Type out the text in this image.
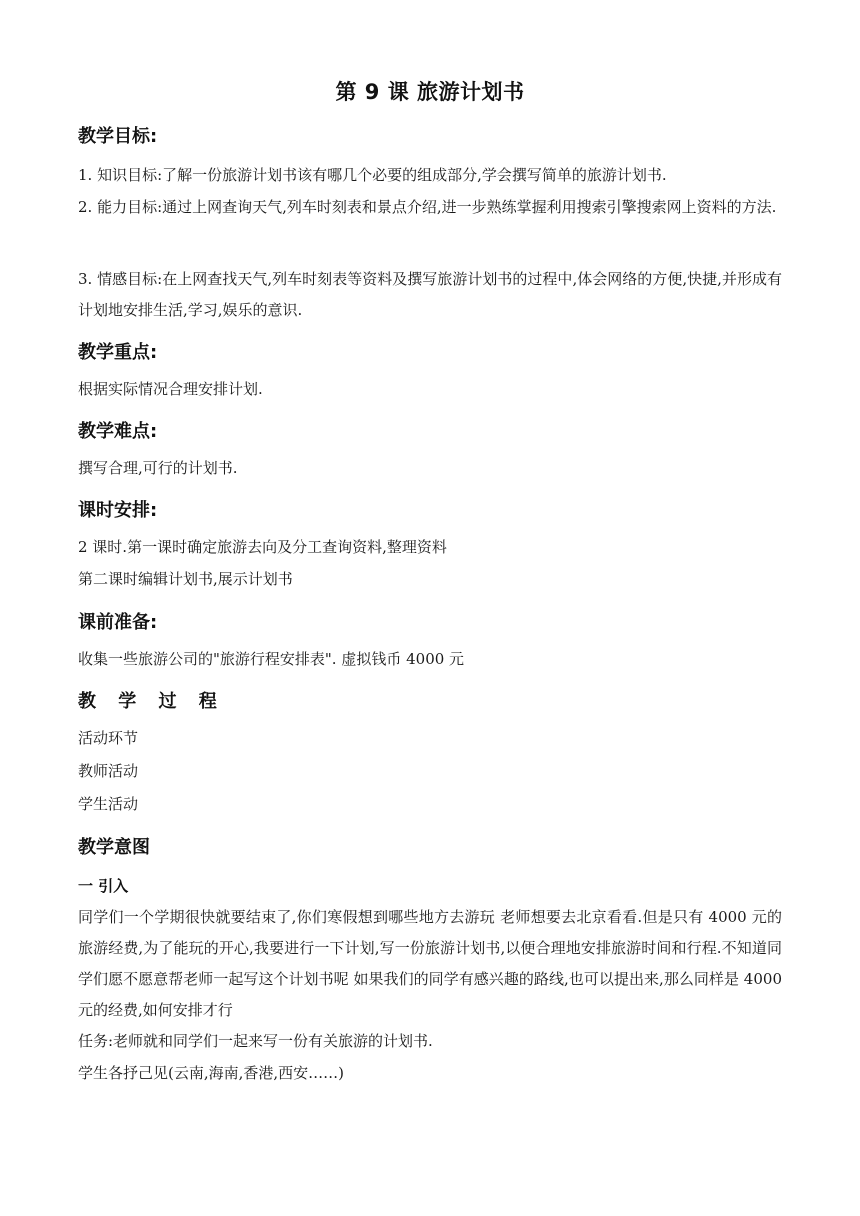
第 9 课 旅游计划书
教学目标:
1. 知识目标:了解一份旅游计划书该有哪几个必要的组成部分,学会撰写简单的旅游计划书.
2. 能力目标:通过上网查询天气,列车时刻表和景点介绍,进一步熟练掌握利用搜索引擎搜索网上资料的方法.
3. 情感目标:在上网查找天气,列车时刻表等资料及撰写旅游计划书的过程中,体会网络的方便,快捷,并形成有计划地安排生活,学习,娱乐的意识.
教学重点:
根据实际情况合理安排计划.
教学难点:
撰写合理,可行的计划书.
课时安排:
2 课时.第一课时确定旅游去向及分工查询资料,整理资料
第二课时编辑计划书,展示计划书
课前准备:
收集一些旅游公司的"旅游行程安排表". 虚拟钱币 4000 元
教 学 过 程
活动环节
教师活动
学生活动
教学意图
一 引入
同学们一个学期很快就要结束了,你们寒假想到哪些地方去游玩 老师想要去北京看看.但是只有 4000 元的旅游经费,为了能玩的开心,我要进行一下计划,写一份旅游计划书,以便合理地安排旅游时间和行程.不知道同学们愿不愿意帮老师一起写这个计划书呢 如果我们的同学有感兴趣的路线,也可以提出来,那么同样是 4000 元的经费,如何安排才行
任务:老师就和同学们一起来写一份有关旅游的计划书.
学生各抒己见(云南,海南,香港,西安……)
